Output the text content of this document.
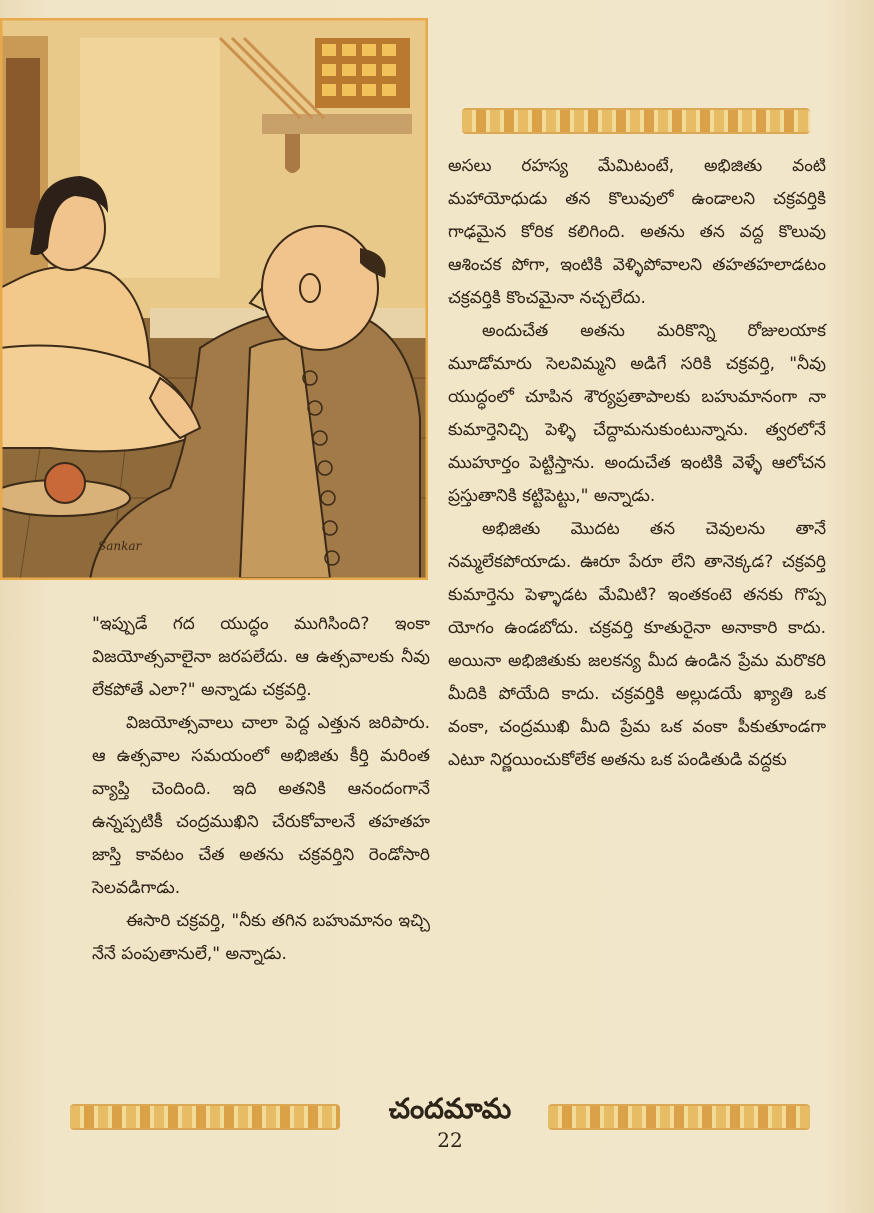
Sankar

అసలు రహస్య మేమిటంటే, అభిజితు వంటి మహాయోధుడు తన కొలువులో ఉండాలని చక్రవర్తికి గాఢమైన కోరిక కలిగింది. అతను తన వద్ద కొలువు ఆశించక పోగా, ఇంటికి వెళ్ళిపోవాలని తహతహలాడటం చక్రవర్తికి కొంచమైనా నచ్చలేదు.

అందుచేత అతను మరికొన్ని రోజులయాక మూడోమారు సెలవిమ్మని అడిగే సరికి చక్రవర్తి, "నీవు యుద్ధంలో చూపిన శౌర్యప్రతాపాలకు బహుమానంగా నా కుమార్తెనిచ్చి పెళ్ళి చేద్దామనుకుంటున్నాను. త్వరలోనే ముహూర్తం పెట్టిస్తాను. అందుచేత ఇంటికి వెళ్ళే ఆలోచన ప్రస్తుతానికి కట్టిపెట్టు," అన్నాడు.

అభిజితు మొదట తన చెవులను తానే నమ్మలేకపోయాడు. ఊరూ పేరూ లేని తానెక్కడ? చక్రవర్తి కుమార్తెను పెళ్ళాడట మేమిటి? ఇంతకంటె తనకు గొప్ప యోగం ఉండబోదు. చక్రవర్తి కూతురైనా అనాకారి కాదు. అయినా అభిజితుకు జలకన్య మీద ఉండిన ప్రేమ మరొకరి మీదికి పోయేది కాదు. చక్రవర్తికి అల్లుడయే ఖ్యాతి ఒక వంకా, చంద్రముఖి మీది ప్రేమ ఒక వంకా పీకుతూండగా ఎటూ నిర్ణయించుకోలేక అతను ఒక పండితుడి వద్దకు

"ఇప్పుడే గద యుద్ధం ముగిసింది? ఇంకా విజయోత్సవాలైనా జరపలేదు. ఆ ఉత్సవాలకు నీవు లేకపోతే ఎలా?" అన్నాడు చక్రవర్తి.

విజయోత్సవాలు చాలా పెద్ద ఎత్తున జరిపారు. ఆ ఉత్సవాల సమయంలో అభిజితు కీర్తి మరింత వ్యాప్తి చెందింది. ఇది అతనికి ఆనందంగానే ఉన్నప్పటికీ చంద్రముఖిని చేరుకోవాలనే తహతహ జాస్తి కావటం చేత అతను చక్రవర్తిని రెండోసారి సెలవడిగాడు.

ఈసారి చక్రవర్తి, "నీకు తగిన బహుమానం ఇచ్చి నేనే పంపుతానులే," అన్నాడు.

చందమామ
22
